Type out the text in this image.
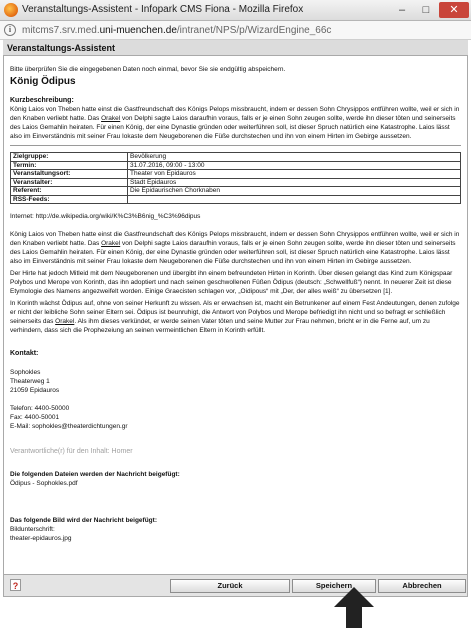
Veranstaltungs-Assistent - Infopark CMS Fiona - Mozilla Firefox	– □ ✕
i	mitcms7.srv.med.uni-muenchen.de/intranet/NPS/p/WizardEngine_66c
Veranstaltungs-Assistent

Bitte überprüfen Sie die eingegebenen Daten noch einmal, bevor Sie sie endgültig abspeichern.

König Ödipus
Kurzbeschreibung:

König Laios von Theben hatte einst die Gastfreundschaft des Königs Pelops missbraucht, indem er dessen Sohn Chrysippos entführen wollte, weil er sich in den Knaben verliebt hatte. Das Orakel von Delphi sagte Laios daraufhin voraus, falls er je einen Sohn zeugen sollte, werde ihn dieser töten und seinerseits des Laios Gemahlin heiraten. Für einen König, der eine Dynastie gründen oder weiterführen soll, ist dieser Spruch natürlich eine Katastrophe. Laios lässt also im Einverständnis mit seiner Frau Iokaste dem Neugeborenen die Füße durchstechen und ihn von einem Hirten im Gebirge aussetzen.

Zielgruppe:	Bevölkerung
Termin:	31.07.2016, 09:00 - 13:00
Veranstaltungsort:	Theater von Epidauros
Veranstalter:	Stadt Epidauros
Referent:	Die Epidaurischen Chorknaben
RSS-Feeds:	

Internet: http://de.wikipedia.org/wiki/K%C3%B6nig_%C3%96dipus

König Laios von Theben hatte einst die Gastfreundschaft des Königs Pelops missbraucht, indem er dessen Sohn Chrysippos entführen wollte, weil er sich in den Knaben verliebt hatte. Das Orakel von Delphi sagte Laios daraufhin voraus, falls er je einen Sohn zeugen sollte, werde ihn dieser töten und seinerseits des Laios Gemahlin heiraten. Für einen König, der eine Dynastie gründen oder weiterführen soll, ist dieser Spruch natürlich eine Katastrophe. Laios lässt also im Einverständnis mit seiner Frau Iokaste dem Neugeborenen die Füße durchstechen und ihn von einem Hirten im Gebirge aussetzen.

Der Hirte hat jedoch Mitleid mit dem Neugeborenen und übergibt ihn einem befreundeten Hirten in Korinth. Über diesen gelangt das Kind zum Königspaar Polybos und Merope von Korinth, das ihn adoptiert und nach seinen geschwollenen Füßen Ödipus (deutsch: „Schwellfuß“) nennt. In neuerer Zeit ist diese Etymologie des Namens angezweifelt worden. Einige Graecisten schlagen vor, „Oidipous“ mit „Der, der alles weiß“ zu übersetzen [1].

In Korinth wächst Ödipus auf, ohne von seiner Herkunft zu wissen. Als er erwachsen ist, macht ein Betrunkener auf einem Fest Andeutungen, denen zufolge er nicht der leibliche Sohn seiner Eltern sei. Ödipus ist beunruhigt, die Antwort von Polybos und Merope befriedigt ihn nicht und so befragt er schließlich seinerseits das Orakel. Als ihm dieses verkündet, er werde seinen Vater töten und seine Mutter zur Frau nehmen, bricht er in die Ferne auf, um zu verhindern, dass sich die Prophezeiung an seinen vermeintlichen Eltern in Korinth erfüllt.

Kontakt:
Sophokles
Theaterweg 1
21059 Epidauros
Telefon: 4400-50000
Fax: 4400-50001
E-Mail: sophokles@theaterdichtungen.gr
Verantwortliche(r) für den Inhalt: Homer
Die folgenden Dateien werden der Nachricht beigefügt:
Ödipus - Sophokles.pdf
Das folgende Bild wird der Nachricht beigefügt:
Bildunterschrift:
theater-epidauros.jpg
?	Zurück	Speichern	Abbrechen
